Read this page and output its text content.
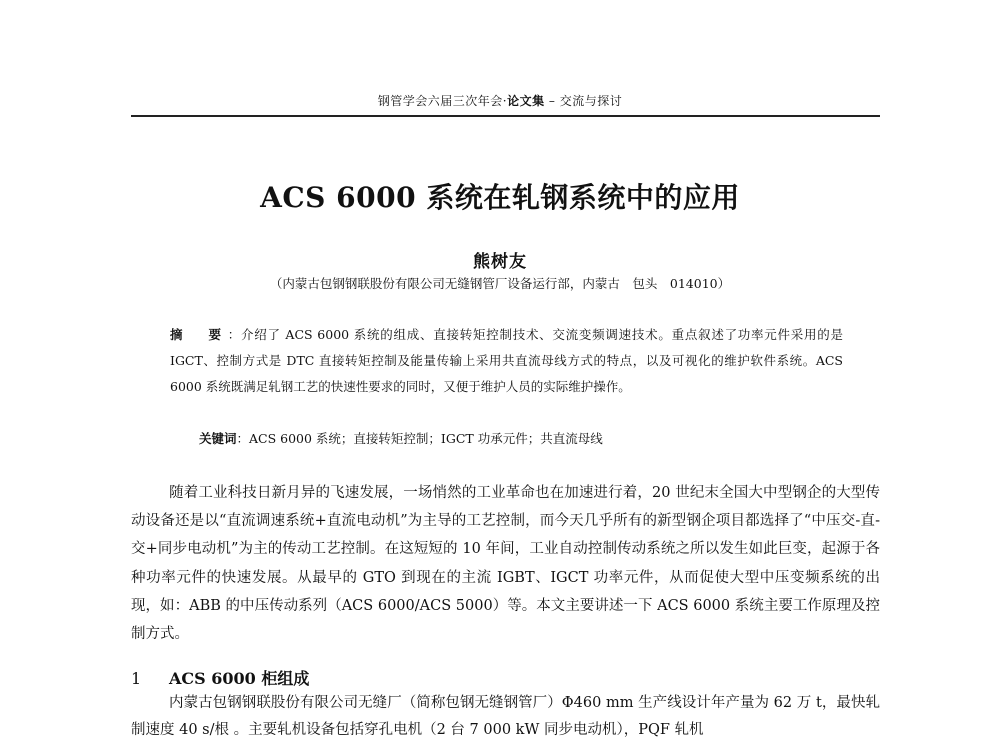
钢管学会六届三次年会·论文集 – 交流与探讨
ACS 6000 系统在轧钢系统中的应用
熊树友
（内蒙古包钢钢联股份有限公司无缝钢管厂设备运行部，内蒙古　包头　014010）
摘　要：介绍了 ACS 6000 系统的组成、直接转矩控制技术、交流变频调速技术。重点叙述了功率元件采用的是 IGCT、控制方式是 DTC 直接转矩控制及能量传输上采用共直流母线方式的特点，以及可视化的维护软件系统。ACS 6000 系统既满足轧钢工艺的快速性要求的同时，又便于维护人员的实际维护操作。
关键词：ACS 6000 系统；直接转矩控制；IGCT 功承元件；共直流母线
随着工业科技日新月异的飞速发展，一场悄然的工业革命也在加速进行着，20 世纪末全国大中型钢企的大型传动设备还是以“直流调速系统+直流电动机”为主导的工艺控制，而今天几乎所有的新型钢企项目都选择了“中压交-直-交+同步电动机”为主的传动工艺控制。在这短短的 10 年间，工业自动控制传动系统之所以发生如此巨变，起源于各种功率元件的快速发展。从最早的 GTO 到现在的主流 IGBT、IGCT 功率元件，从而促使大型中压变频系统的出现，如：ABB 的中压传动系列（ACS 6000/ACS 5000）等。本文主要讲述一下 ACS 6000 系统主要工作原理及控制方式。
1 ACS 6000 柜组成
内蒙古包钢钢联股份有限公司无缝厂（简称包钢无缝钢管厂）Φ460 mm 生产线设计年产量为 62 万 t，最快轧制速度 40 s/根 。主要轧机设备包括穿孔电机（2 台 7 000 kW 同步电动机），PQF 轧机
